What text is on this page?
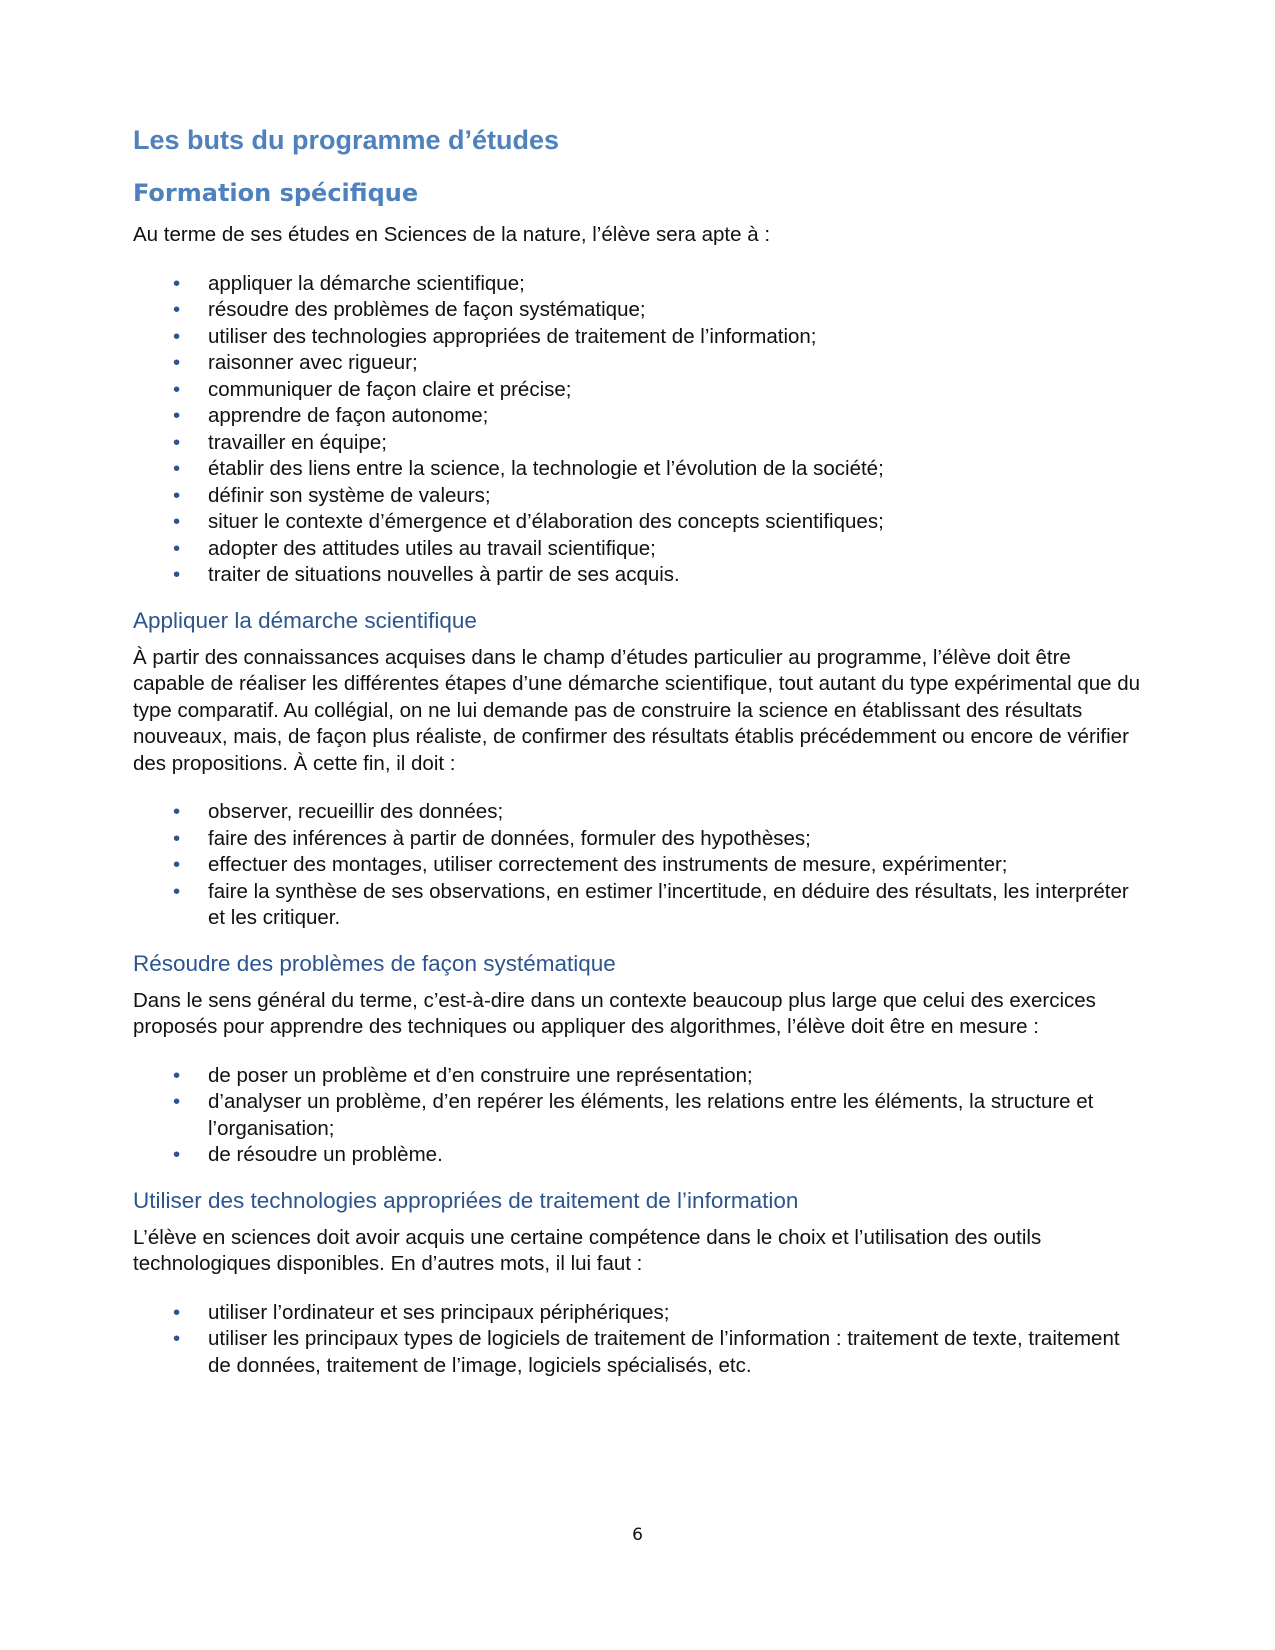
Les buts du programme d’études
Formation spécifique

Au terme de ses études en Sciences de la nature, l’élève sera apte à :

• appliquer la démarche scientifique;
• résoudre des problèmes de façon systématique;
• utiliser des technologies appropriées de traitement de l’information;
• raisonner avec rigueur;
• communiquer de façon claire et précise;
• apprendre de façon autonome;
• travailler en équipe;
• établir des liens entre la science, la technologie et l’évolution de la société;
• définir son système de valeurs;
• situer le contexte d’émergence et d’élaboration des concepts scientifiques;
• adopter des attitudes utiles au travail scientifique;
• traiter de situations nouvelles à partir de ses acquis.
Appliquer la démarche scientifique

À partir des connaissances acquises dans le champ d’études particulier au programme, l’élève doit être capable de réaliser les différentes étapes d’une démarche scientifique, tout autant du type expérimental que du type comparatif. Au collégial, on ne lui demande pas de construire la science en établissant des résultats nouveaux, mais, de façon plus réaliste, de confirmer des résultats établis précédemment ou encore de vérifier des propositions. À cette fin, il doit :

• observer, recueillir des données;
• faire des inférences à partir de données, formuler des hypothèses;
• effectuer des montages, utiliser correctement des instruments de mesure, expérimenter;
• faire la synthèse de ses observations, en estimer l’incertitude, en déduire des résultats, les interpréter et les critiquer.
Résoudre des problèmes de façon systématique

Dans le sens général du terme, c’est-à-dire dans un contexte beaucoup plus large que celui des exercices proposés pour apprendre des techniques ou appliquer des algorithmes, l’élève doit être en mesure :

• de poser un problème et d’en construire une représentation;
• d’analyser un problème, d’en repérer les éléments, les relations entre les éléments, la structure et l’organisation;
• de résoudre un problème.
Utiliser des technologies appropriées de traitement de l’information

L’élève en sciences doit avoir acquis une certaine compétence dans le choix et l’utilisation des outils technologiques disponibles. En d’autres mots, il lui faut :

• utiliser l’ordinateur et ses principaux périphériques;
• utiliser les principaux types de logiciels de traitement de l’information : traitement de texte, traitement de données, traitement de l’image, logiciels spécialisés, etc.
6
